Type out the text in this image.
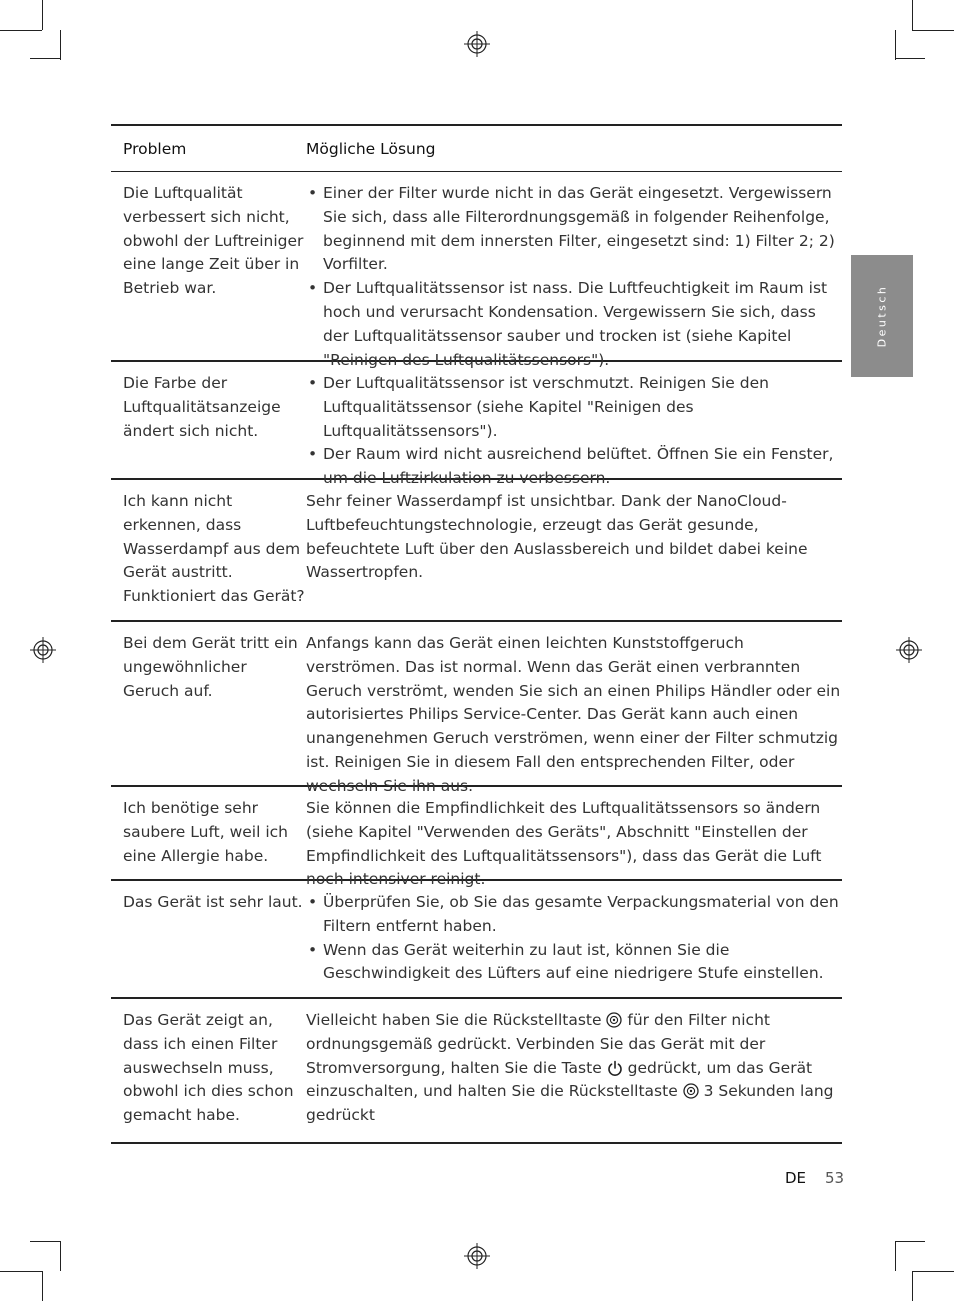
Deutsch
Problem	Mögliche Lösung
Die Luftqualität verbessert sich nicht, obwohl der Luftreiniger eine lange Zeit über in Betrieb war.
• Einer der Filter wurde nicht in das Gerät eingesetzt. Vergewissern Sie sich, dass alle Filterordnungsgemäß in folgender Reihenfolge, beginnend mit dem innersten Filter, eingesetzt sind: 1) Filter 2; 2) Vorfilter.
• Der Luftqualitätssensor ist nass. Die Luftfeuchtigkeit im Raum ist hoch und verursacht Kondensation. Vergewissern Sie sich, dass der Luftqualitätssensor sauber und trocken ist (siehe Kapitel "Reinigen des Luftqualitätssensors").
Die Farbe der Luftqualitätsanzeige ändert sich nicht.
• Der Luftqualitätssensor ist verschmutzt. Reinigen Sie den Luftqualitätssensor (siehe Kapitel "Reinigen des Luftqualitätssensors").
• Der Raum wird nicht ausreichend belüftet. Öffnen Sie ein Fenster, um die Luftzirkulation zu verbessern.
Ich kann nicht erkennen, dass Wasserdampf aus dem Gerät austritt. Funktioniert das Gerät?

Sehr feiner Wasserdampf ist unsichtbar. Dank der NanoCloud-Luftbefeuchtungstechnologie, erzeugt das Gerät gesunde, befeuchtete Luft über den Auslassbereich und bildet dabei keine Wassertropfen.

Bei dem Gerät tritt ein ungewöhnlicher Geruch auf.

Anfangs kann das Gerät einen leichten Kunststoffgeruch verströmen. Das ist normal. Wenn das Gerät einen verbrannten Geruch verströmt, wenden Sie sich an einen Philips Händler oder ein autorisiertes Philips Service-Center. Das Gerät kann auch einen unangenehmen Geruch verströmen, wenn einer der Filter schmutzig ist. Reinigen Sie in diesem Fall den entsprechenden Filter, oder wechseln Sie ihn aus.

Ich benötige sehr saubere Luft, weil ich eine Allergie habe.

Sie können die Empfindlichkeit des Luftqualitätssensors so ändern (siehe Kapitel "Verwenden des Geräts", Abschnitt "Einstellen der Empfindlichkeit des Luftqualitätssensors"), dass das Gerät die Luft noch intensiver reinigt.

Das Gerät ist sehr laut.
•	Überprüfen Sie, ob Sie das gesamte Verpackungsmaterial von den Filtern entfernt haben.
• Wenn das Gerät weiterhin zu laut ist, können Sie die Geschwindigkeit des Lüfters auf eine niedrigere Stufe einstellen.
Das Gerät zeigt an, dass ich einen Filter auswechseln muss, obwohl ich dies schon gemacht habe.

Vielleicht haben Sie die Rückstelltaste  für den Filter nicht ordnungsgemäß gedrückt. Verbinden Sie das Gerät mit der Stromversorgung, halten Sie die Taste  gedrückt, um das Gerät einzuschalten, und halten Sie die Rückstelltaste  3 Sekunden lang gedrückt

DE 53
